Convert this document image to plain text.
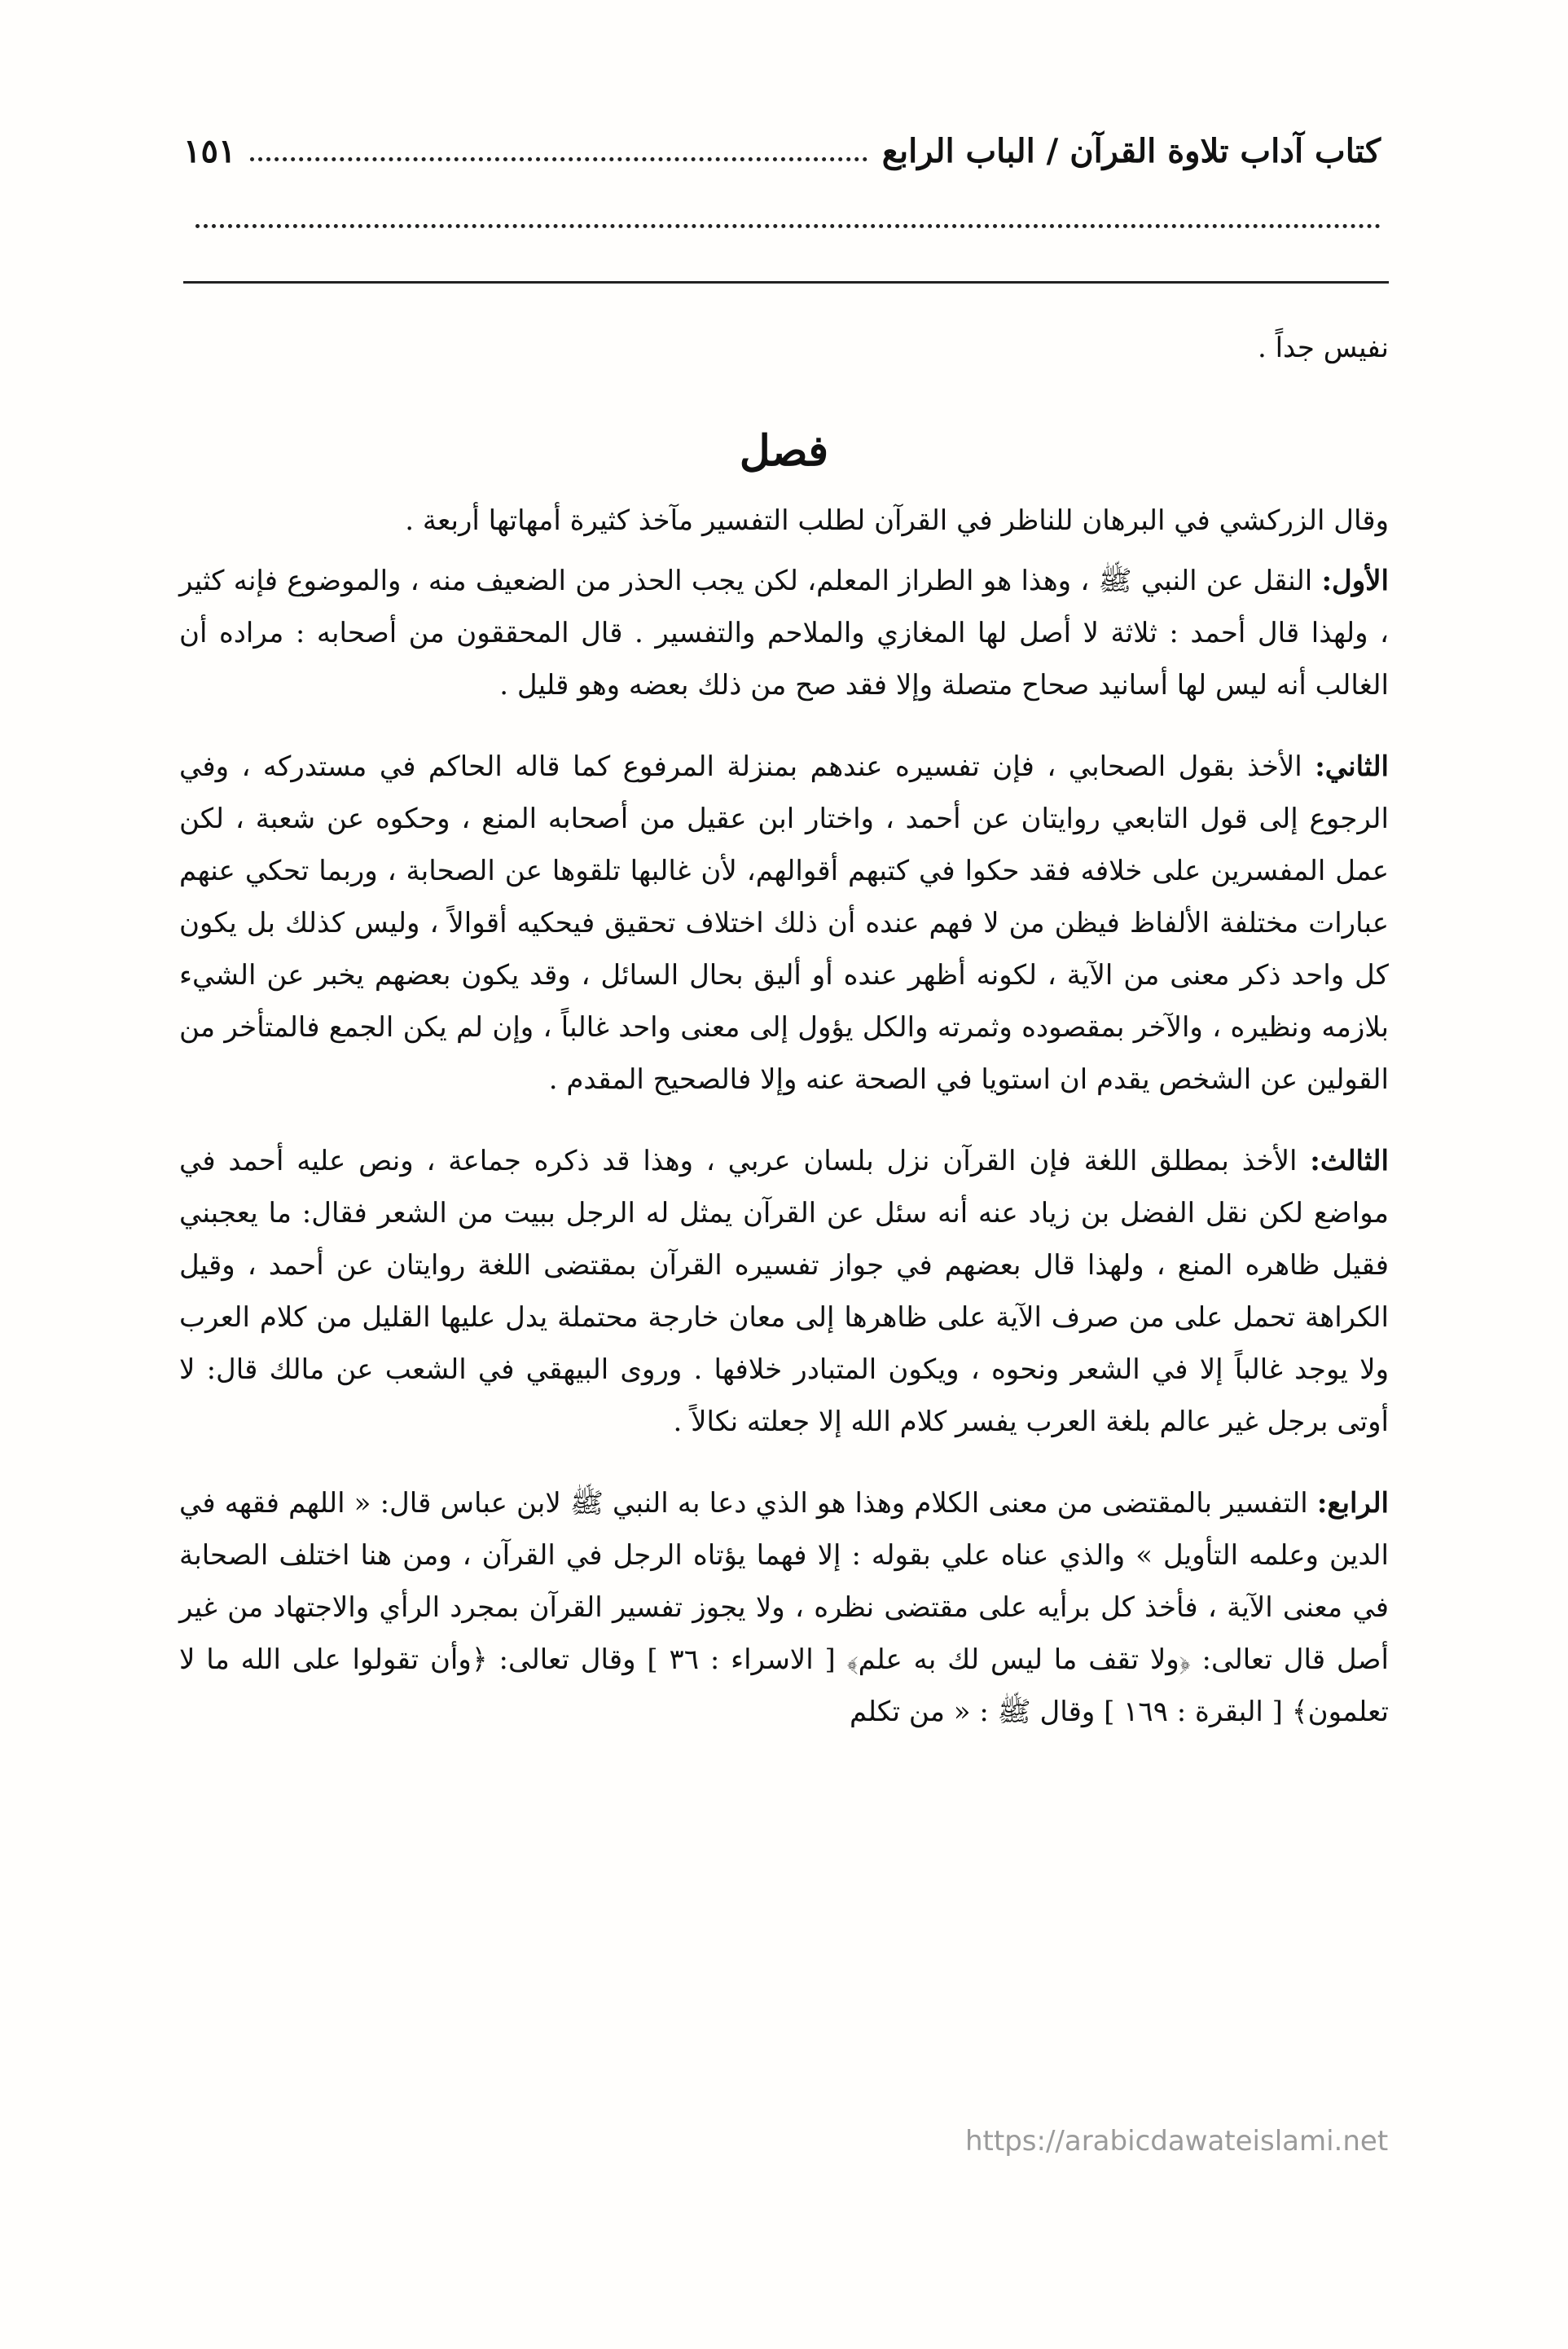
كتاب آداب تلاوة القرآن / الباب الرابع
١٥١

نفيس جداً .

فصل

وقال الزركشي في البرهان للناظر في القرآن لطلب التفسير مآخذ كثيرة أمهاتها أربعة .

الأول: النقل عن النبي ﷺ ، وهذا هو الطراز المعلم، لكن يجب الحذر من الضعيف منه ، والموضوع فإنه كثير ، ولهذا قال أحمد : ثلاثة لا أصل لها المغازي والملاحم والتفسير . قال المحققون من أصحابه : مراده أن الغالب أنه ليس لها أسانيد صحاح متصلة وإلا فقد صح من ذلك بعضه وهو قليل .

الثاني: الأخذ بقول الصحابي ، فإن تفسيره عندهم بمنزلة المرفوع كما قاله الحاكم في مستدركه ، وفي الرجوع إلى قول التابعي روايتان عن أحمد ، واختار ابن عقيل من أصحابه المنع ، وحكوه عن شعبة ، لكن عمل المفسرين على خلافه فقد حكوا في كتبهم أقوالهم، لأن غالبها تلقوها عن الصحابة ، وربما تحكي عنهم عبارات مختلفة الألفاظ فيظن من لا فهم عنده أن ذلك اختلاف تحقيق فيحكيه أقوالاً ، وليس كذلك بل يكون كل واحد ذكر معنى من الآية ، لكونه أظهر عنده أو أليق بحال السائل ، وقد يكون بعضهم يخبر عن الشيء بلازمه ونظيره ، والآخر بمقصوده وثمرته والكل يؤول إلى معنى واحد غالباً ، وإن لم يكن الجمع فالمتأخر من القولين عن الشخص يقدم ان استويا في الصحة عنه وإلا فالصحيح المقدم .

الثالث: الأخذ بمطلق اللغة فإن القرآن نزل بلسان عربي ، وهذا قد ذكره جماعة ، ونص عليه أحمد في مواضع لكن نقل الفضل بن زياد عنه أنه سئل عن القرآن يمثل له الرجل ببيت من الشعر فقال: ما يعجبني فقيل ظاهره المنع ، ولهذا قال بعضهم في جواز تفسيره القرآن بمقتضى اللغة روايتان عن أحمد ، وقيل الكراهة تحمل على من صرف الآية على ظاهرها إلى معان خارجة محتملة يدل عليها القليل من كلام العرب ولا يوجد غالباً إلا في الشعر ونحوه ، ويكون المتبادر خلافها . وروى البيهقي في الشعب عن مالك قال: لا أوتى برجل غير عالم بلغة العرب يفسر كلام الله إلا جعلته نكالاً .

الرابع: التفسير بالمقتضى من معنى الكلام وهذا هو الذي دعا به النبي ﷺ لابن عباس قال: « اللهم فقهه في الدين وعلمه التأويل » والذي عناه علي بقوله : إلا فهما يؤتاه الرجل في القرآن ، ومن هنا اختلف الصحابة في معنى الآية ، فأخذ كل برأيه على مقتضى نظره ، ولا يجوز تفسير القرآن بمجرد الرأي والاجتهاد من غير أصل قال تعالى: ﴿ولا تقف ما ليس لك به علم﴾ [ الاسراء : ٣٦ ] وقال تعالى: ﴿وأن تقولوا على الله ما لا تعلمون﴾ [ البقرة : ١٦٩ ] وقال ﷺ : « من تكلم

https://arabicdawateislami.net
